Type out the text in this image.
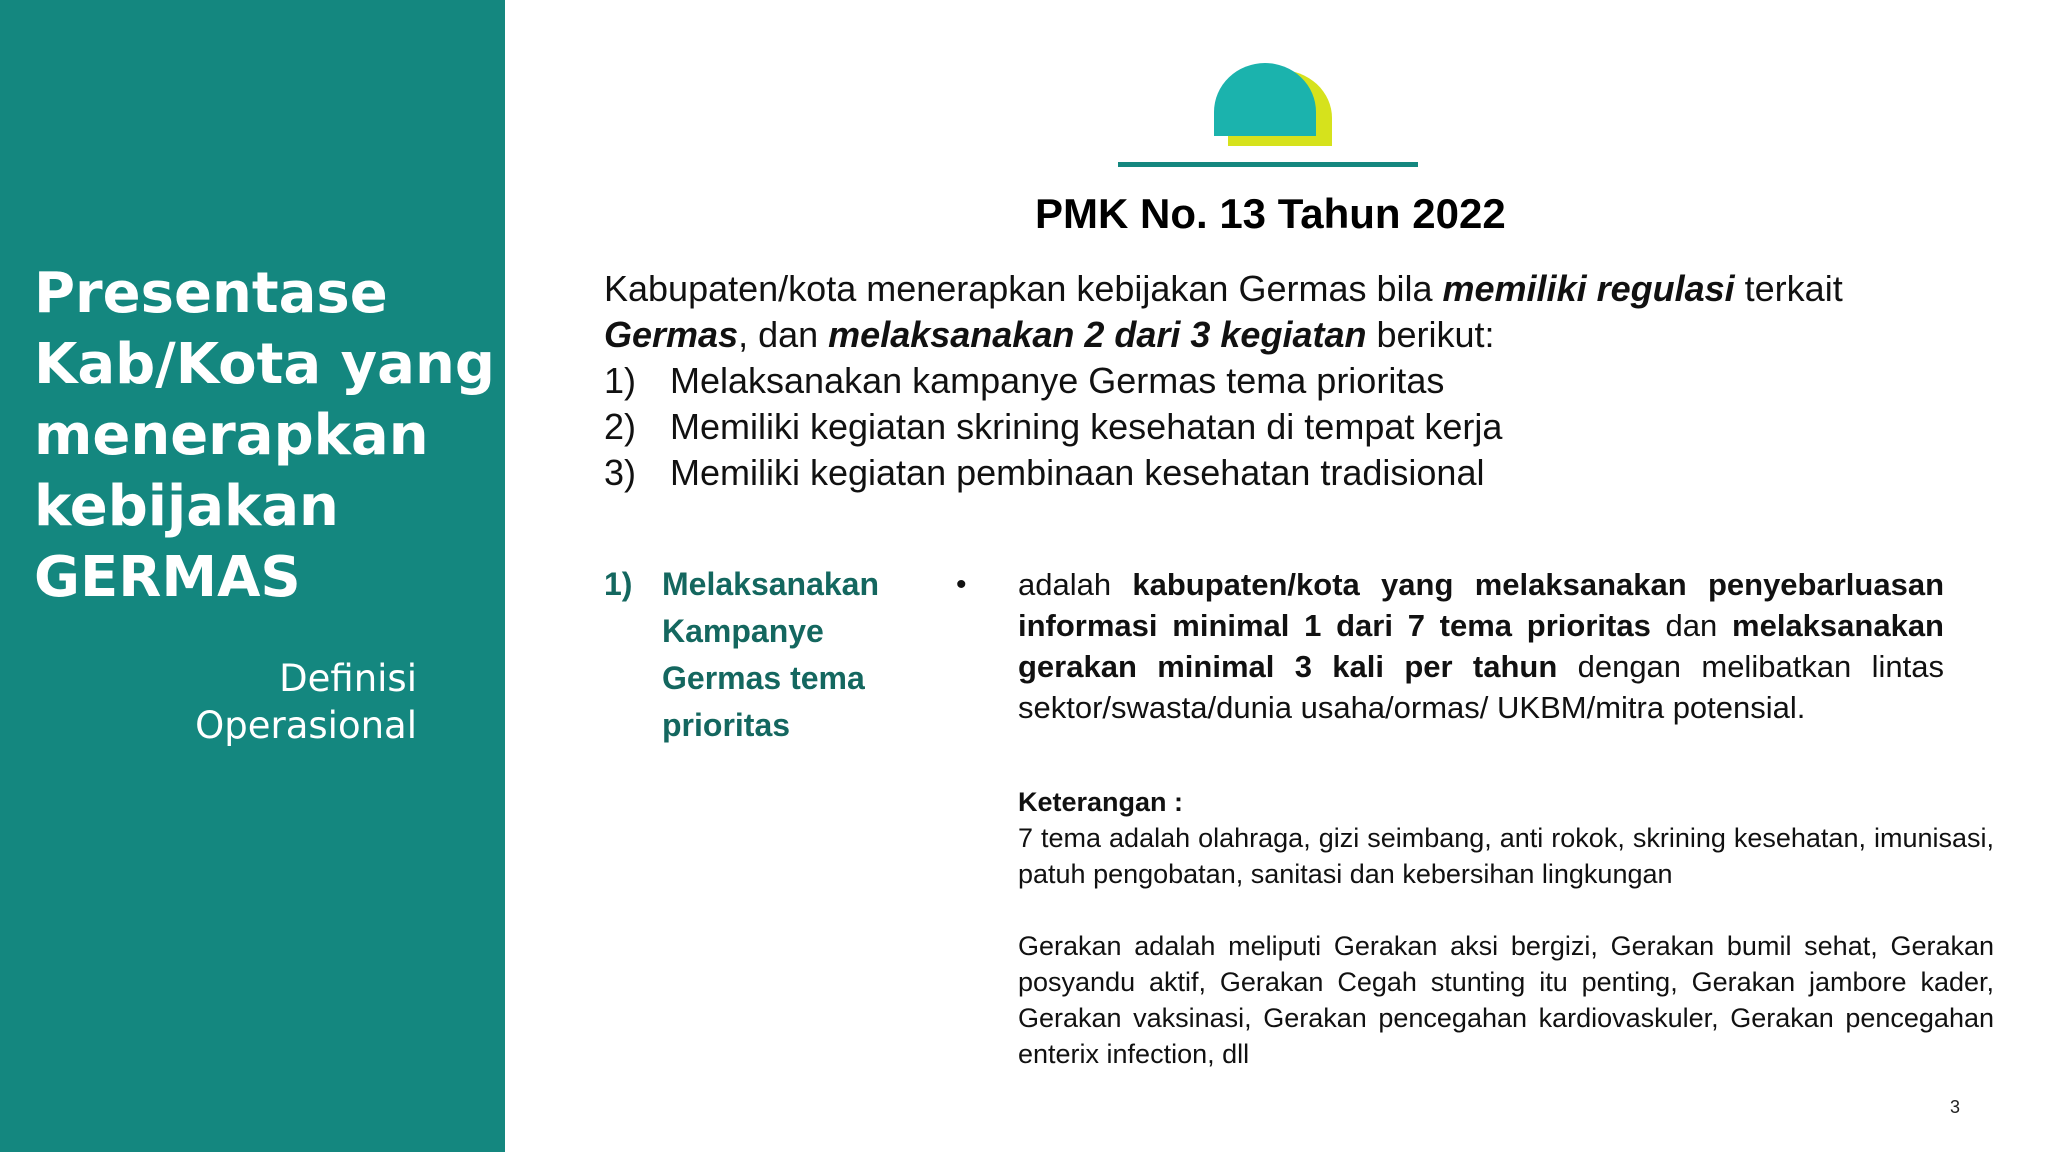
Presentase
Kab/Kota yang
menerapkan
kebijakan
GERMAS
Definisi
Operasional
PMK No. 13 Tahun 2022
Kabupaten/kota menerapkan kebijakan Germas bila memiliki regulasi terkait
Germas, dan melaksanakan 2 dari 3 kegiatan berikut:
1) Melaksanakan kampanye Germas tema prioritas
2) Memiliki kegiatan skrining kesehatan di tempat kerja
3) Memiliki kegiatan pembinaan kesehatan tradisional
1) Melaksanakan
Kampanye
Germas tema
prioritas
• adalah kabupaten/kota yang melaksanakan penyebarluasan informasi minimal 1 dari 7 tema prioritas dan melaksanakan gerakan minimal 3 kali per tahun dengan melibatkan lintas sektor/swasta/dunia usaha/ormas/ UKBM/mitra potensial.
Keterangan :

7 tema adalah olahraga, gizi seimbang, anti rokok, skrining kesehatan, imunisasi, patuh pengobatan, sanitasi dan kebersihan lingkungan

Gerakan adalah meliputi Gerakan aksi bergizi, Gerakan bumil sehat, Gerakan posyandu aktif, Gerakan Cegah stunting itu penting, Gerakan jambore kader, Gerakan vaksinasi, Gerakan pencegahan kardiovaskuler, Gerakan pencegahan enterix infection, dll

3
